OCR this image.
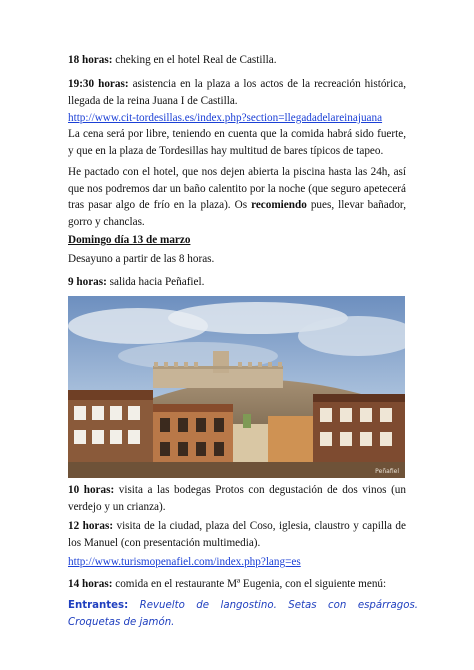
18 horas: cheking en el hotel Real de Castilla.

19:30 horas: asistencia en la plaza a los actos de la recreación histórica, llegada de la reina Juana I de Castilla.

http://www.cit-tordesillas.es/index.php?section=llegadadelareinajuana

La cena será por libre, teniendo en cuenta que la comida habrá sido fuerte, y que en la plaza de Tordesillas hay multitud de bares típicos de tapeo.

He pactado con el hotel, que nos dejen abierta la piscina hasta las 24h, así que nos podremos dar un baño calentito por la noche (que seguro apetecerá tras pasar algo de frío en la plaza). Os recomiendo pues, llevar bañador, gorro y chanclas.

Domingo día 13 de marzo

Desayuno a partir de las 8 horas.

9 horas: salida hacia Peñafiel.

Pеñafiel

10 horas: visita a las bodegas Protos con degustación de dos vinos (un verdejo y un crianza).

12 horas: visita de la ciudad, plaza del Coso, iglesia, claustro y capilla de los Manuel (con presentación multimedia).

http://www.turismopenafiel.com/index.php?lang=es

14 horas: comida en el restaurante Mª Eugenia, con el siguiente menú:

Entrantes: Revuelto de langostino. Setas con espárragos. Croquetas de jamón.
